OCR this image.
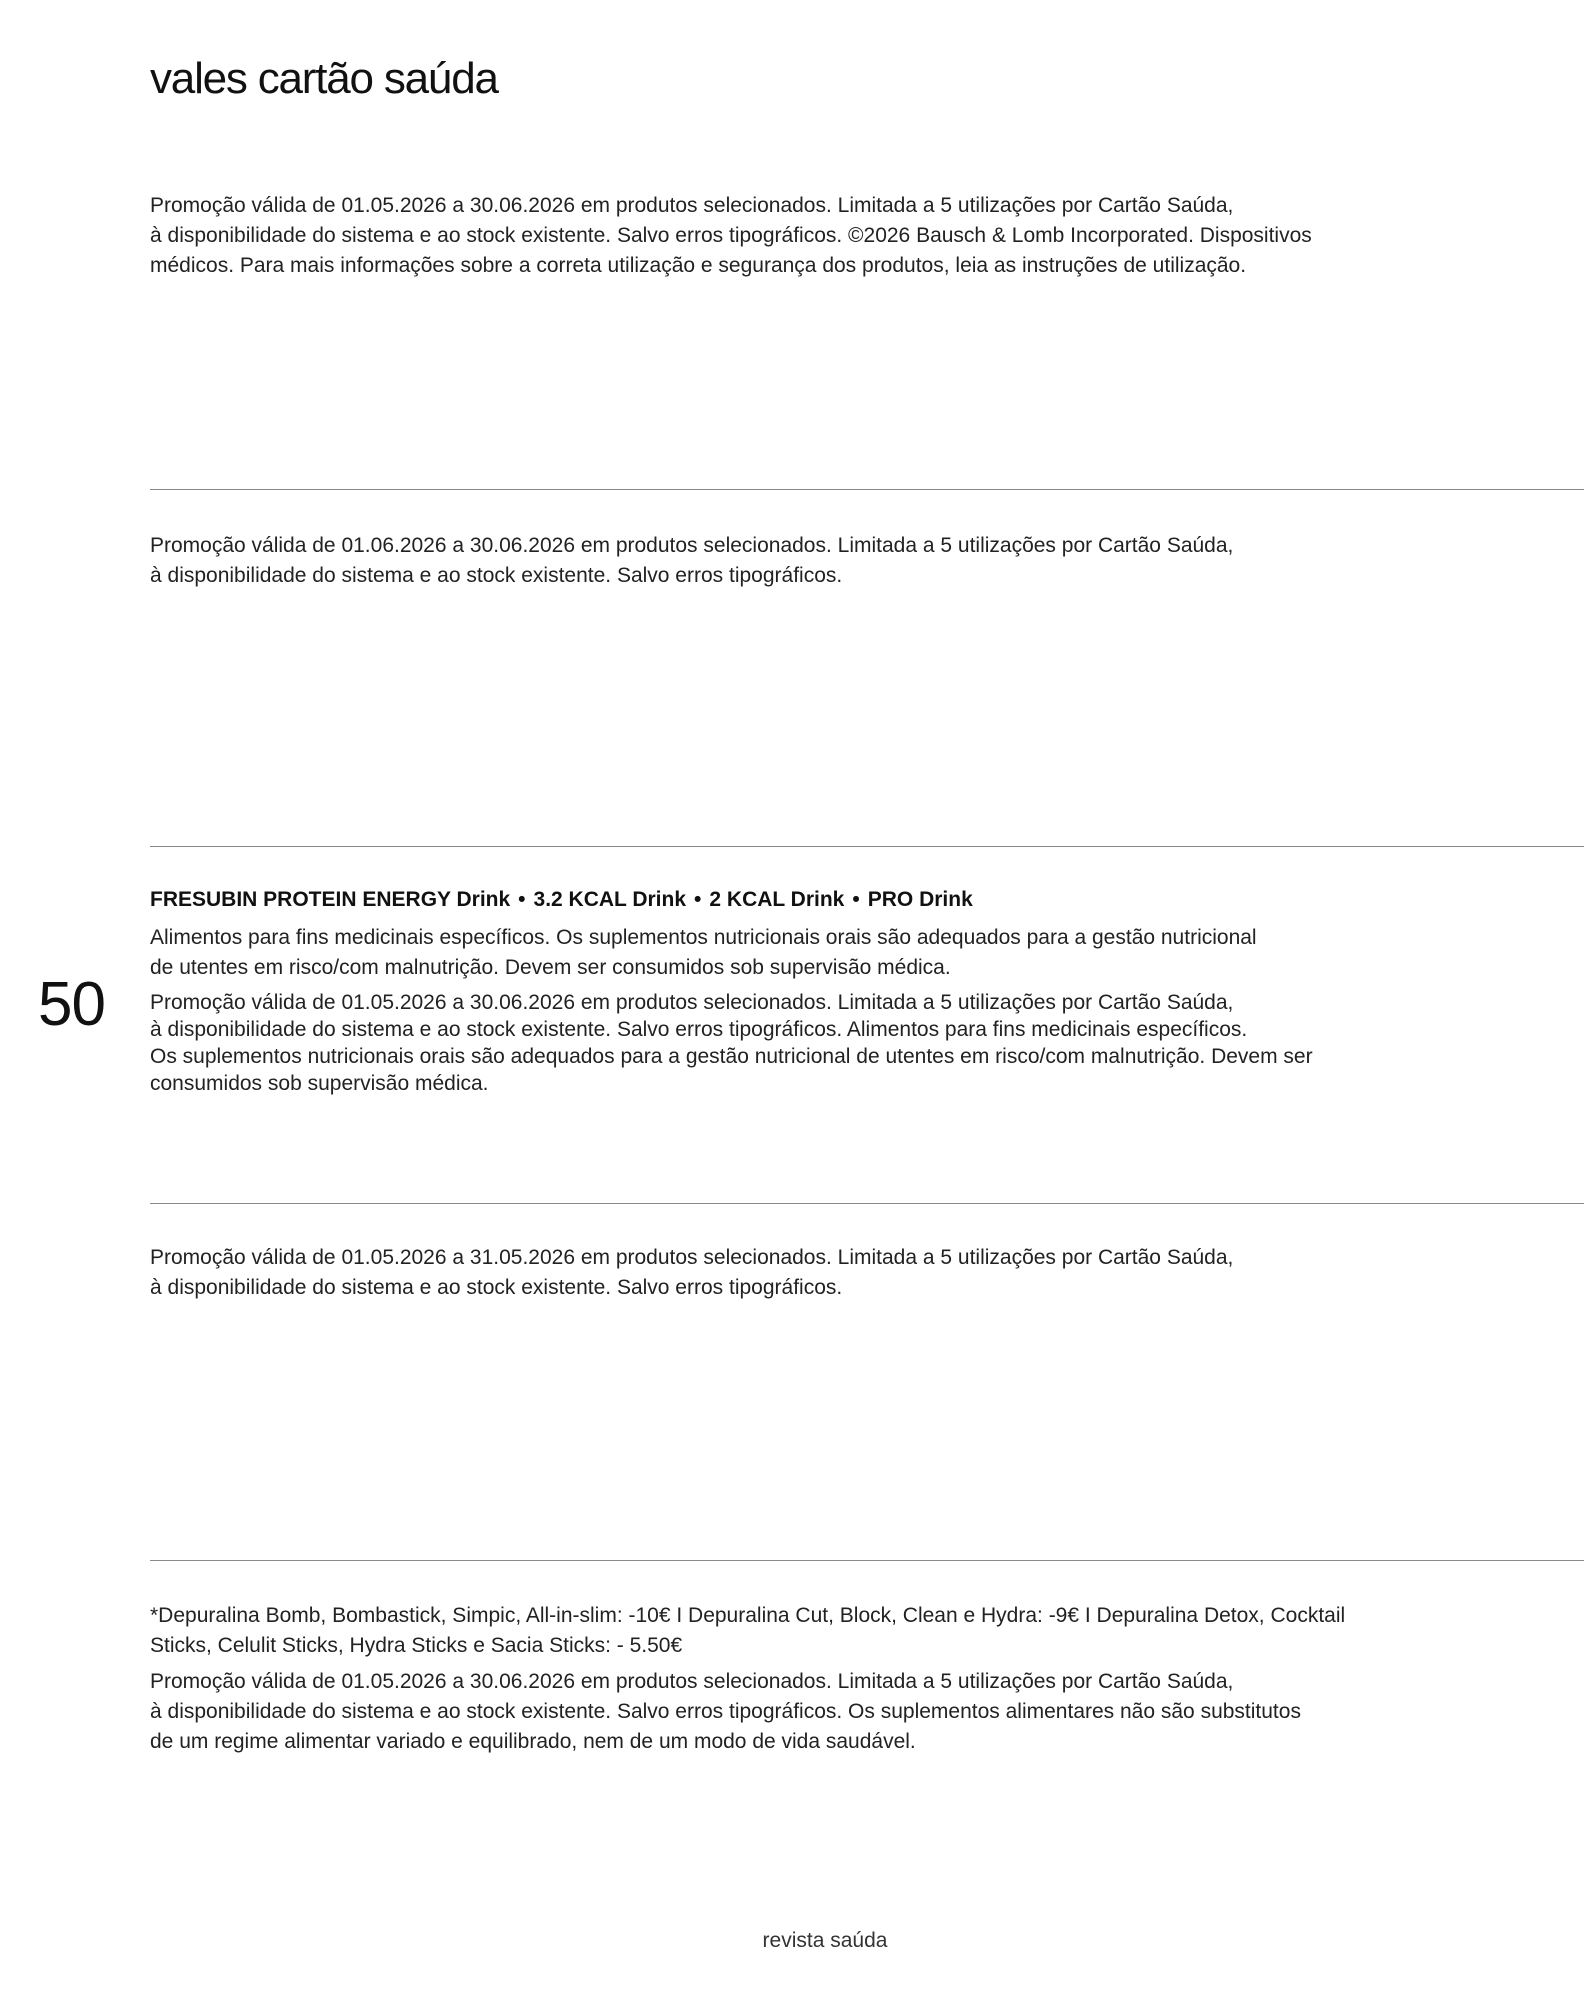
vales cartão saúda
50

Promoção válida de 01.05.2026 a 30.06.2026 em produtos selecionados. Limitada a 5 utilizações por Cartão Saúda,
à disponibilidade do sistema e ao stock existente. Salvo erros tipográficos. ©2026 Bausch & Lomb Incorporated. Dispositivos
médicos. Para mais informações sobre a correta utilização e segurança dos produtos, leia as instruções de utilização.

Promoção válida de 01.06.2026 a 30.06.2026 em produtos selecionados. Limitada a 5 utilizações por Cartão Saúda,
à disponibilidade do sistema e ao stock existente. Salvo erros tipográficos.

FRESUBIN PROTEIN ENERGY Drink • 3.2 KCAL Drink • 2 KCAL Drink • PRO Drink

Alimentos para fins medicinais específicos. Os suplementos nutricionais orais são adequados para a gestão nutricional
de utentes em risco/com malnutrição. Devem ser consumidos sob supervisão médica.

Promoção válida de 01.05.2026 a 30.06.2026 em produtos selecionados. Limitada a 5 utilizações por Cartão Saúda,
à disponibilidade do sistema e ao stock existente. Salvo erros tipográficos. Alimentos para fins medicinais específicos.
Os suplementos nutricionais orais são adequados para a gestão nutricional de utentes em risco/com malnutrição. Devem ser
consumidos sob supervisão médica.

Promoção válida de 01.05.2026 a 31.05.2026 em produtos selecionados. Limitada a 5 utilizações por Cartão Saúda,
à disponibilidade do sistema e ao stock existente. Salvo erros tipográficos.

*Depuralina Bomb, Bombastick, Simpic, All-in-slim: -10€ I Depuralina Cut, Block, Clean e Hydra: -9€ I Depuralina Detox, Cocktail
Sticks, Celulit Sticks, Hydra Sticks e Sacia Sticks: - 5.50€

Promoção válida de 01.05.2026 a 30.06.2026 em produtos selecionados. Limitada a 5 utilizações por Cartão Saúda,
à disponibilidade do sistema e ao stock existente. Salvo erros tipográficos. Os suplementos alimentares não são substitutos
de um regime alimentar variado e equilibrado, nem de um modo de vida saudável.

revista saúda
